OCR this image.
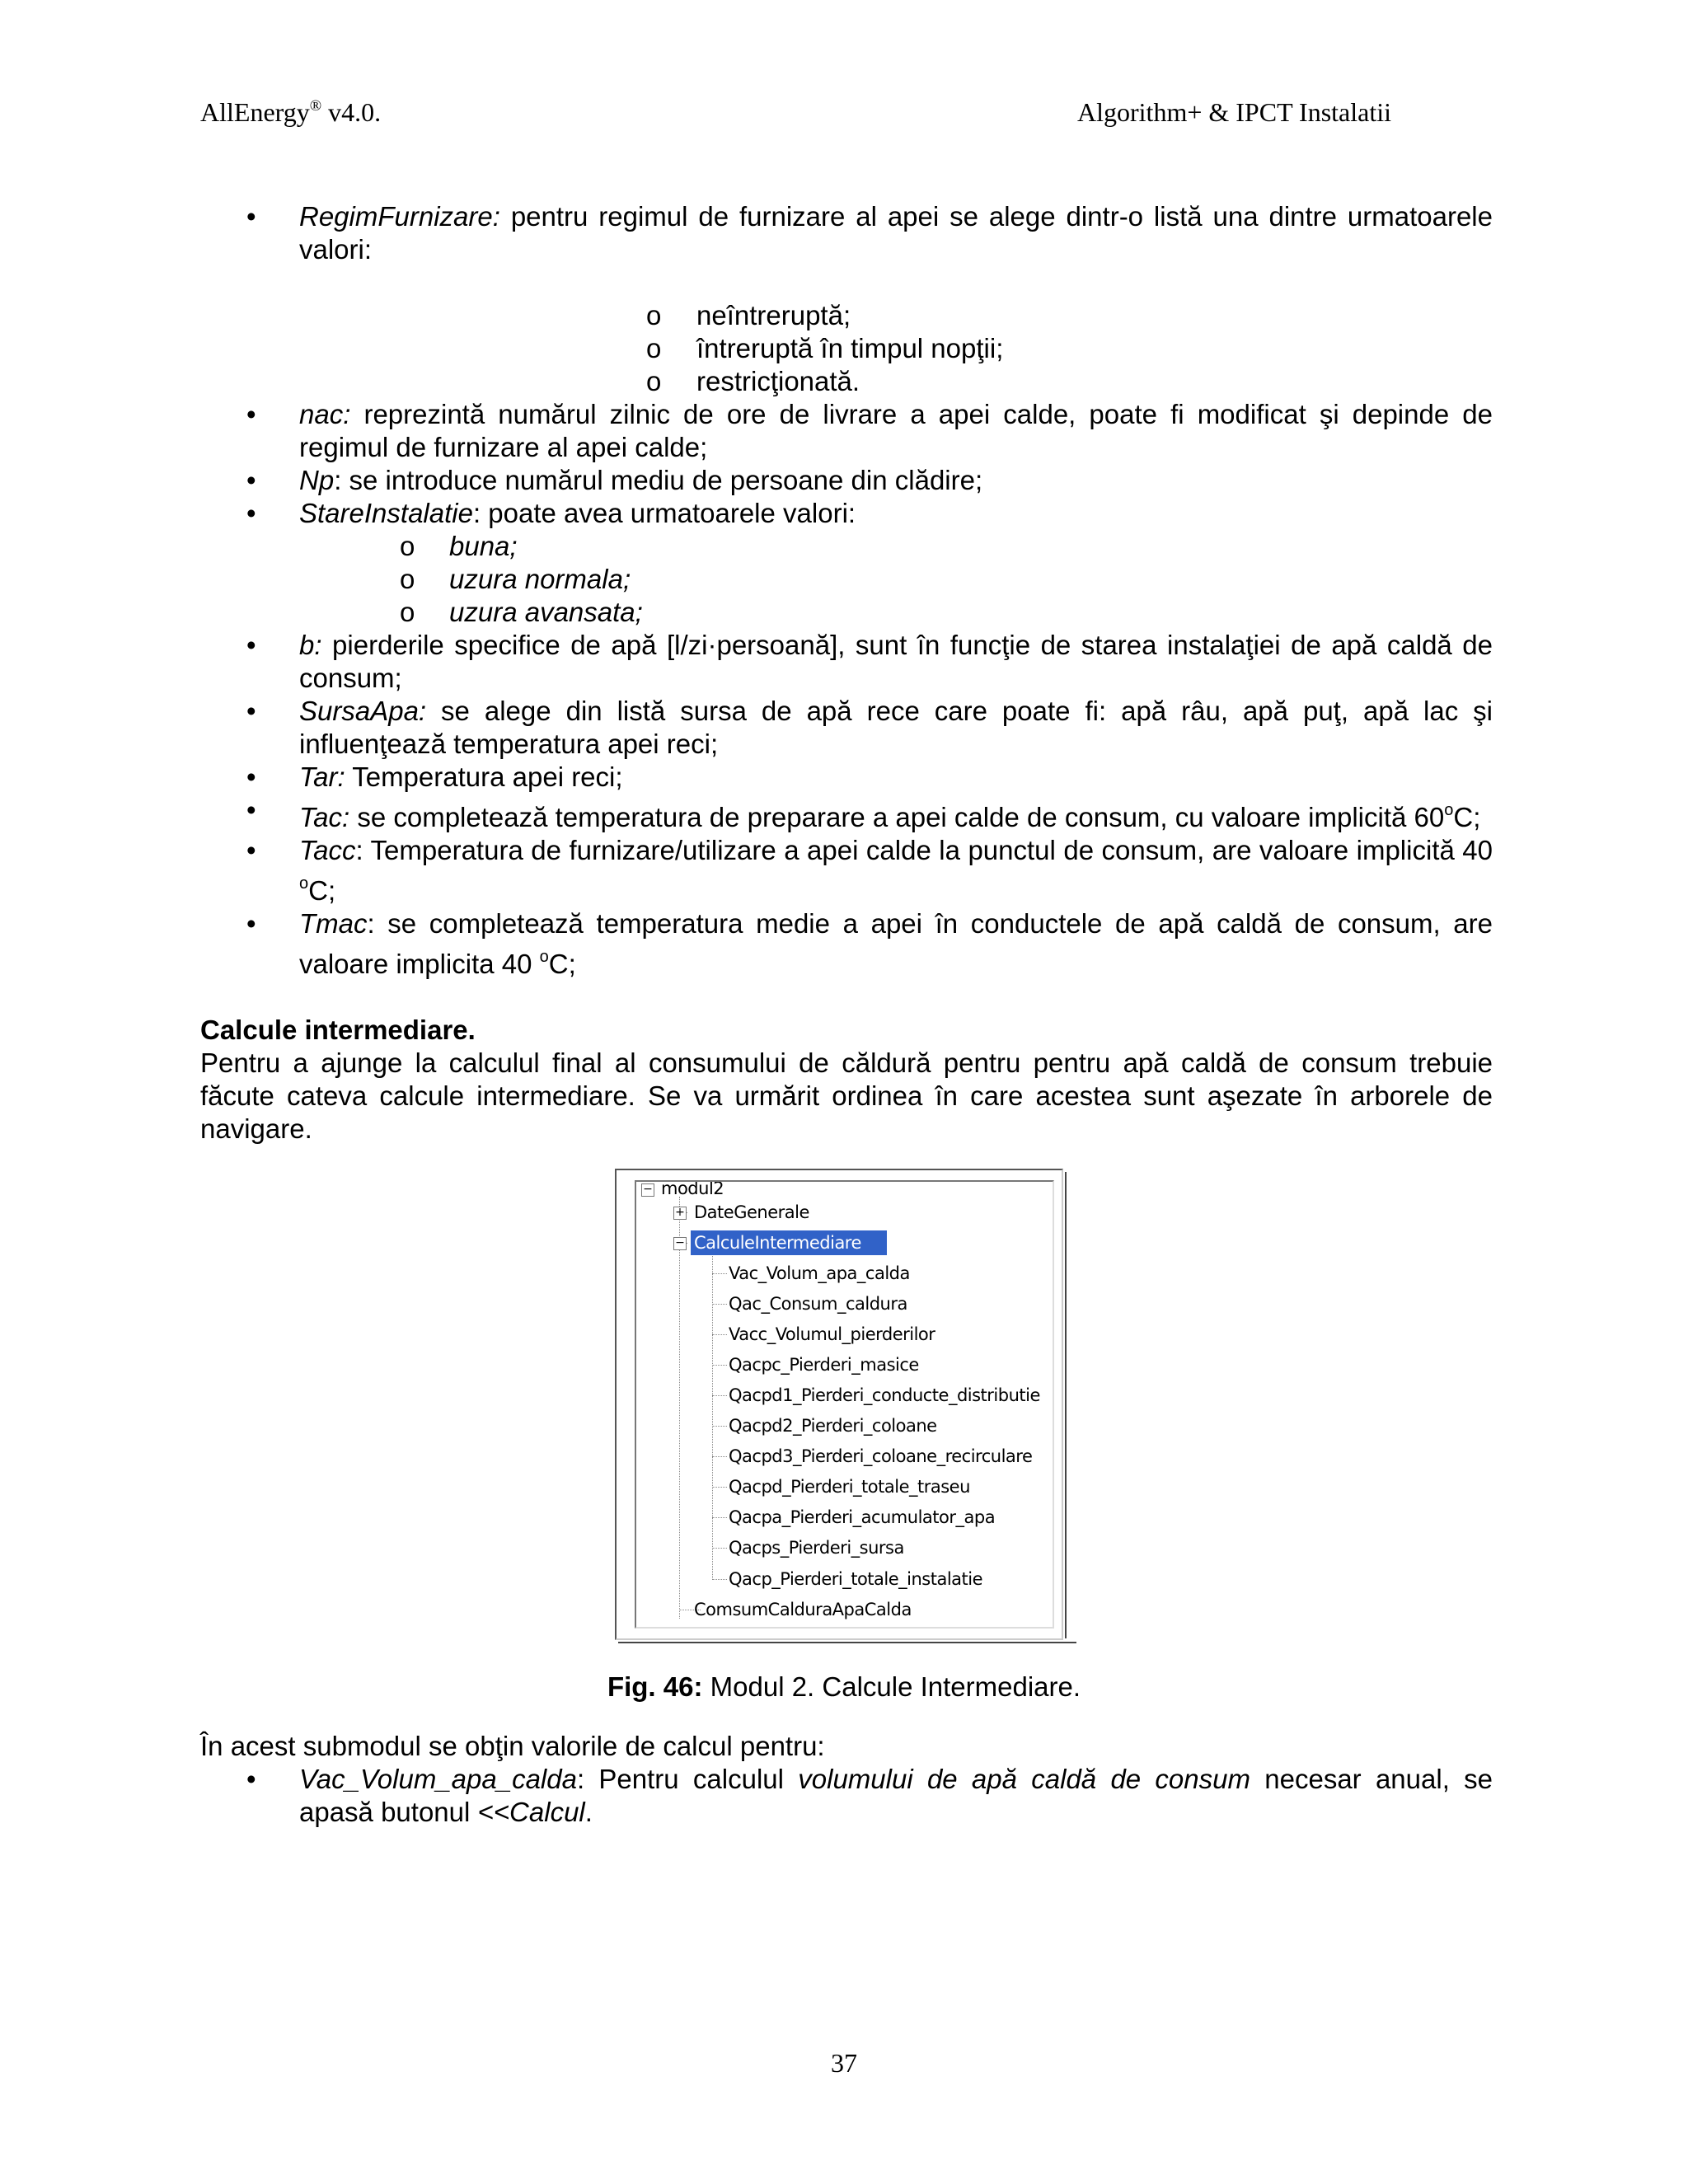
AllEnergy® v4.0.	Algorithm+ & IPCT Instalatii
• RegimFurnizare: pentru regimul de furnizare al apei se alege dintr-o listă una dintre urmatoarele valori:
o neîntreruptă;
o întreruptă în timpul nopţii;
o restricţionată.
• nac: reprezintă numărul zilnic de ore de livrare a apei calde, poate fi modificat şi depinde de regimul de furnizare al apei calde;
• Np: se introduce numărul mediu de persoane din clădire;
• StareInstalatie: poate avea urmatoarele valori:
o buna;
o uzura normala;
o uzura avansata;
• b: pierderile specifice de apă [l/zi·persoană], sunt în funcţie de starea instalaţiei de apă caldă de consum;
• SursaApa: se alege din listă sursa de apă rece care poate fi: apă râu, apă puţ, apă lac şi influenţează temperatura apei reci;
• Tar: Temperatura apei reci;
• Tac: se completează temperatura de preparare a apei calde de consum, cu valoare implicită 60$^o$C;
• Tacc: Temperatura de furnizare/utilizare a apei calde la punctul de consum, are valoare implicită 40 $^o$C;
• Tmac: se completează temperatura medie a apei în conductele de apă caldă de consum, are valoare implicita 40 $^o$C;
Calcule intermediare.
Pentru a ajunge la calculul final al consumului de căldură pentru pentru apă caldă de consum trebuie făcute cateva calcule intermediare. Se va urmărit ordinea în care acestea sunt aşezate în arborele de navigare.
− modul2
+ DateGenerale
− CalculeIntermediare
Vac_Volum_apa_calda
Qac_Consum_caldura
Vacc_Volumul_pierderilor
Qacpc_Pierderi_masice
Qacpd1_Pierderi_conducte_distributie
Qacpd2_Pierderi_coloane
Qacpd3_Pierderi_coloane_recirculare
Qacpd_Pierderi_totale_traseu
Qacpa_Pierderi_acumulator_apa
Qacps_Pierderi_sursa
Qacp_Pierderi_totale_instalatie
ComsumCalduraApaCalda
Fig. 46: Modul 2. Calcule Intermediare.
În acest submodul se obţin valorile de calcul pentru:
• Vac_Volum_apa_calda: Pentru calculul volumului de apă caldă de consum necesar anual, se apasă butonul <<Calcul.
37
